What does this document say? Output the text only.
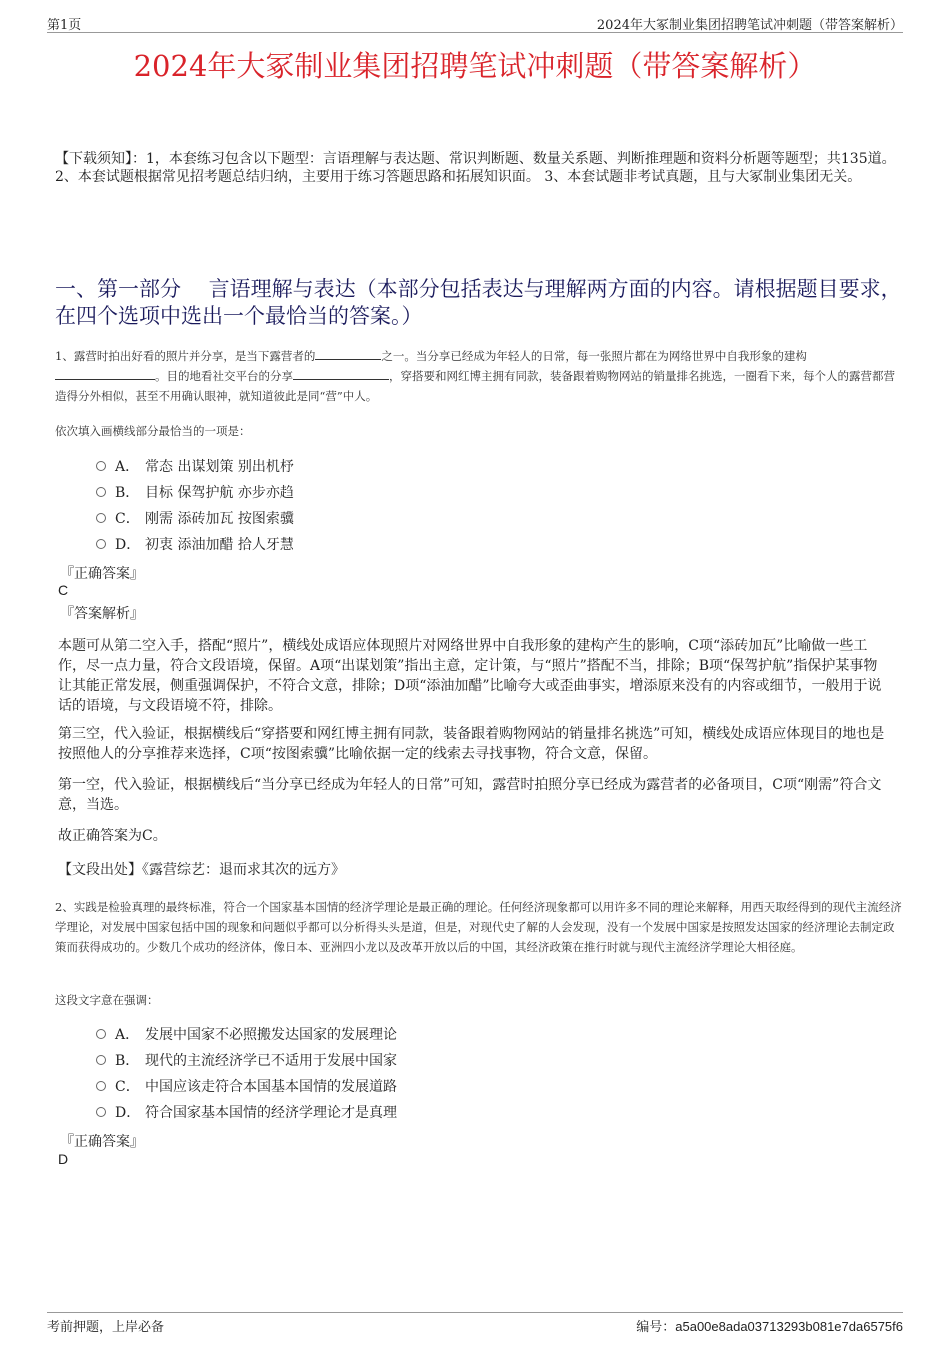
第1页	2024年大冢制业集团招聘笔试冲刺题（带答案解析）
2024年大冢制业集团招聘笔试冲刺题（带答案解析）
【下载须知】：1，本套练习包含以下题型：言语理解与表达题、常识判断题、数量关系题、判断推理题和资料分析题等题型；共135道。 2、本套试题根据常见招考题总结归纳，主要用于练习答题思路和拓展知识面。 3、本套试题非考试真题，且与大冢制业集团无关。
一、第一部分　 言语理解与表达（本部分包括表达与理解两方面的内容。请根据题目要求，在四个选项中选出一个最恰当的答案。）
1、露营时拍出好看的照片并分享，是当下露营者的	之一。当分享已经成为年轻人的日常，每一张照片都在为网络世界中自我形象的建构。目的地看社交平台的分享	，穿搭要和网红博主拥有同款，装备跟着购物网站的销量排名挑选，一圈看下来，每个人的露营都营造得分外相似，甚至不用确认眼神，就知道彼此是同“营”中人。
依次填入画横线部分最恰当的一项是：
A． 常态 出谋划策 别出机杼
B． 目标 保驾护航 亦步亦趋
C． 刚需 添砖加瓦 按图索骥
D． 初衷 添油加醋 拾人牙慧
『正确答案』
C
『答案解析』
本题可从第二空入手，搭配“照片”，横线处成语应体现照片对网络世界中自我形象的建构产生的影响，C项“添砖加瓦”比喻做一些工作，尽一点力量，符合文段语境，保留。A项“出谋划策”指出主意，定计策，与“照片”搭配不当，排除；B项“保驾护航”指保护某事物让其能正常发展，侧重强调保护，不符合文意，排除；D项“添油加醋”比喻夸大或歪曲事实，增添原来没有的内容或细节，一般用于说话的语境，与文段语境不符，排除。
第三空，代入验证，根据横线后“穿搭要和网红博主拥有同款，装备跟着购物网站的销量排名挑选”可知，横线处成语应体现目的地也是按照他人的分享推荐来选择，C项“按图索骥”比喻依据一定的线索去寻找事物，符合文意，保留。
第一空，代入验证，根据横线后“当分享已经成为年轻人的日常”可知，露营时拍照分享已经成为露营者的必备项目，C项“刚需”符合文意，当选。
故正确答案为C。
【文段出处】《露营综艺：退而求其次的远方》
2、实践是检验真理的最终标准，符合一个国家基本国情的经济学理论是最正确的理论。任何经济现象都可以用许多不同的理论来解释，用西天取经得到的现代主流经济学理论，对发展中国家包括中国的现象和问题似乎都可以分析得头头是道，但是，对现代史了解的人会发现，没有一个发展中国家是按照发达国家的经济理论去制定政策而获得成功的。少数几个成功的经济体，像日本、亚洲四小龙以及改革开放以后的中国，其经济政策在推行时就与现代主流经济学理论大相径庭。
这段文字意在强调：
A． 发展中国家不必照搬发达国家的发展理论
B． 现代的主流经济学已不适用于发展中国家
C． 中国应该走符合本国基本国情的发展道路
D． 符合国家基本国情的经济学理论才是真理
『正确答案』
D
考前押题，上岸必备	编号：a5a00e8ada03713293b081e7da6575f6
